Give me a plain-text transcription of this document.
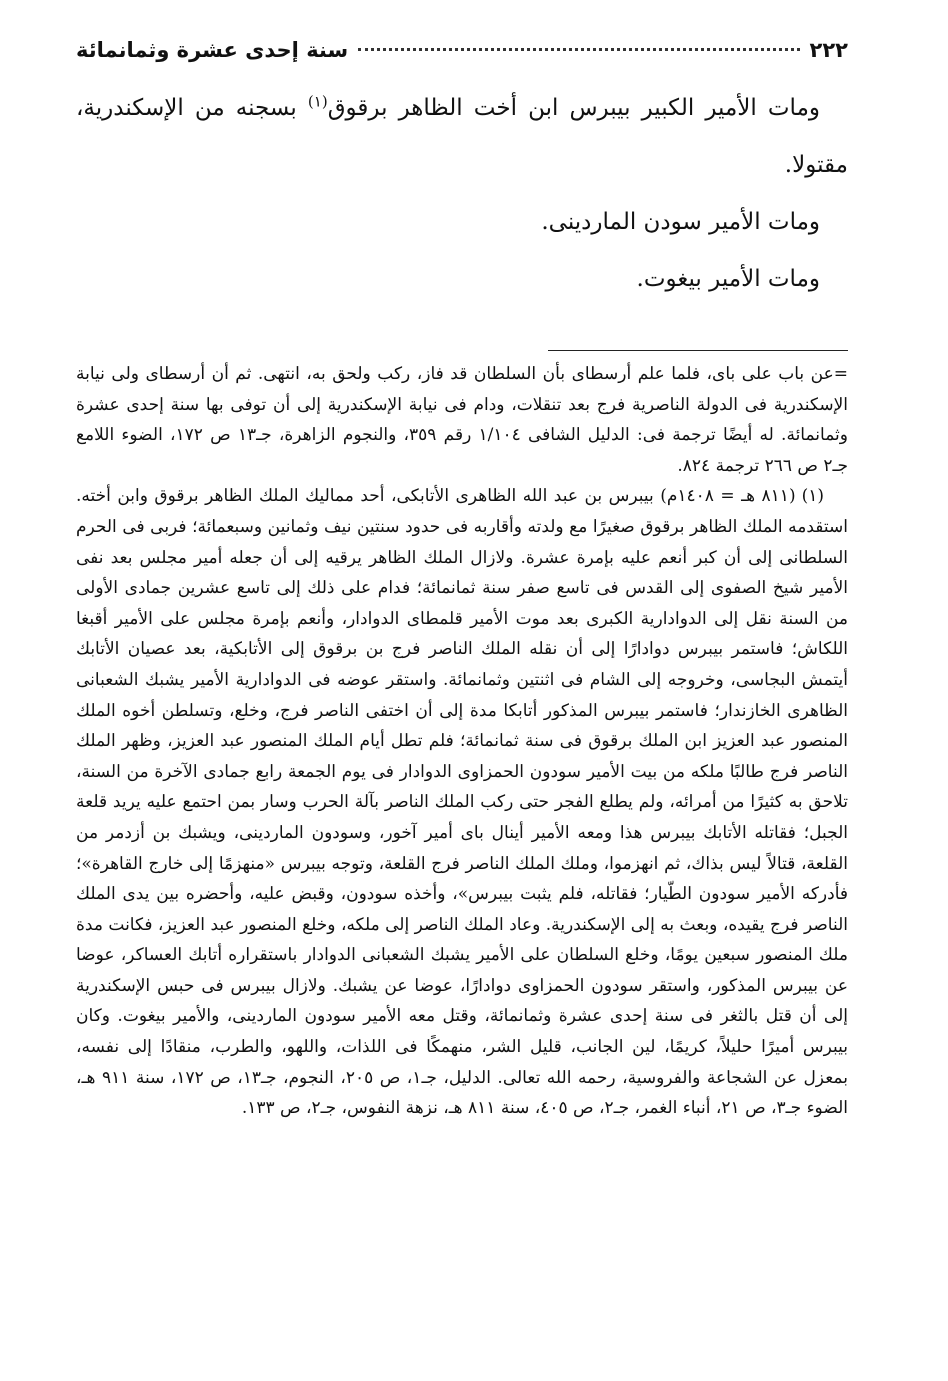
٢٢٢
سنة إحدى عشرة وثمانمائة

ومات الأمير الكبير بيبرس ابن أخت الظاهر برقوق$^{(١)}$ بسجنه من الإسكندرية، مقتولا.

ومات الأمير سودن الماردينى.

ومات الأمير بيغوت.

=عن باب على باى، فلما علم أرسطاى بأن السلطان قد فاز، ركب ولحق به، انتهى. ثم أن أرسطاى ولى نيابة الإسكندرية فى الدولة الناصرية فرج بعد تنقلات، ودام فى نيابة الإسكندرية إلى أن توفى بها سنة إحدى عشرة وثمانمائة. له أيضًا ترجمة فى: الدليل الشافى ١/١٠٤ رقم ٣٥٩، والنجوم الزاهرة، جـ١٣ ص ١٧٢، الضوء اللامع جـ٢ ص ٢٦٦ ترجمة ٨٢٤.

(١)(٨١١ هـ = ١٤٠٨م) بيبرس بن عبد الله الظاهرى الأتابكى، أحد مماليك الملك الظاهر برقوق وابن أخته. استقدمه الملك الظاهر برقوق صغيرًا مع ولدته وأقاربه فى حدود سنتين نيف وثمانين وسبعمائة؛ فربى فى الحرم السلطانى إلى أن كبر أنعم عليه بإمرة عشرة. ولازال الملك الظاهر يرقيه إلى أن جعله أمير مجلس بعد نفى الأمير شيخ الصفوى إلى القدس فى تاسع صفر سنة ثمانمائة؛ فدام على ذلك إلى تاسع عشرين جمادى الأولى من السنة نقل إلى الدوادارية الكبرى بعد موت الأمير قلمطاى الدوادار، وأنعم بإمرة مجلس على الأمير أقبغا اللكاش؛ فاستمر بيبرس دوادارًا إلى أن نقله الملك الناصر فرج بن برقوق إلى الأتابكية، بعد عصيان الأتابك أيتمش البجاسى، وخروجه إلى الشام فى اثنتين وثمانمائة. واستقر عوضه فى الدوادارية الأمير يشبك الشعبانى الظاهرى الخازندار؛ فاستمر بيبرس المذكور أتابكا مدة إلى أن اختفى الناصر فرج، وخلع، وتسلطن أخوه الملك المنصور عبد العزيز ابن الملك برقوق فى سنة ثمانمائة؛ فلم تطل أيام الملك المنصور عبد العزيز، وظهر الملك الناصر فرج طالبًا ملكه من بيت الأمير سودون الحمزاوى الدوادار فى يوم الجمعة رابع جمادى الآخرة من السنة، تلاحق به كثيرًا من أمرائه، ولم يطلع الفجر حتى ركب الملك الناصر بآلة الحرب وسار بمن احتمع عليه يريد قلعة الجبل؛ فقاتله الأتابك بيبرس هذا ومعه الأمير أينال باى أمير آخور، وسودون الماردينى، ويشبك بن أزدمر من القلعة، قتالاً ليس بذاك، ثم انهزموا، وملك الملك الناصر فرج القلعة، وتوجه بيبرس «منهزمًا إلى خارج القاهرة»؛ فأدركه الأمير سودون الطّيار؛ فقاتله، فلم يثبت بيبرس»، وأخذه سودون، وقبض عليه، وأحضره بين يدى الملك الناصر فرج يقيده، وبعث به إلى الإسكندرية. وعاد الملك الناصر إلى ملكه، وخلع المنصور عبد العزيز، فكانت مدة ملك المنصور سبعين يومًا، وخلع السلطان على الأمير يشبك الشعبانى الدوادار باستقراره أتابك العساكر، عوضا عن بيبرس المذكور، واستقر سودون الحمزاوى دوادارًا، عوضا عن يشبك. ولازال بيبرس فى حبس الإسكندرية إلى أن قتل بالثغر فى سنة إحدى عشرة وثمانمائة، وقتل معه الأمير سودون الماردينى، والأمير بيغوت. وكان بيبرس أميرًا حليلاً، كريمًا، لين الجانب، قليل الشر، منهمكًا فى اللذات، واللهو، والطرب، منقادًا إلى نفسه، بمعزل عن الشجاعة والفروسية، رحمه الله تعالى. الدليل، جـ١، ص ٢٠٥، النجوم، جـ١٣، ص ١٧٢، سنة ٩١١ هـ، الضوء جـ٣، ص ٢١، أنباء الغمر، جـ٢، ص ٤٠٥، سنة ٨١١ هـ، نزهة النفوس، جـ٢، ص ١٣٣.
